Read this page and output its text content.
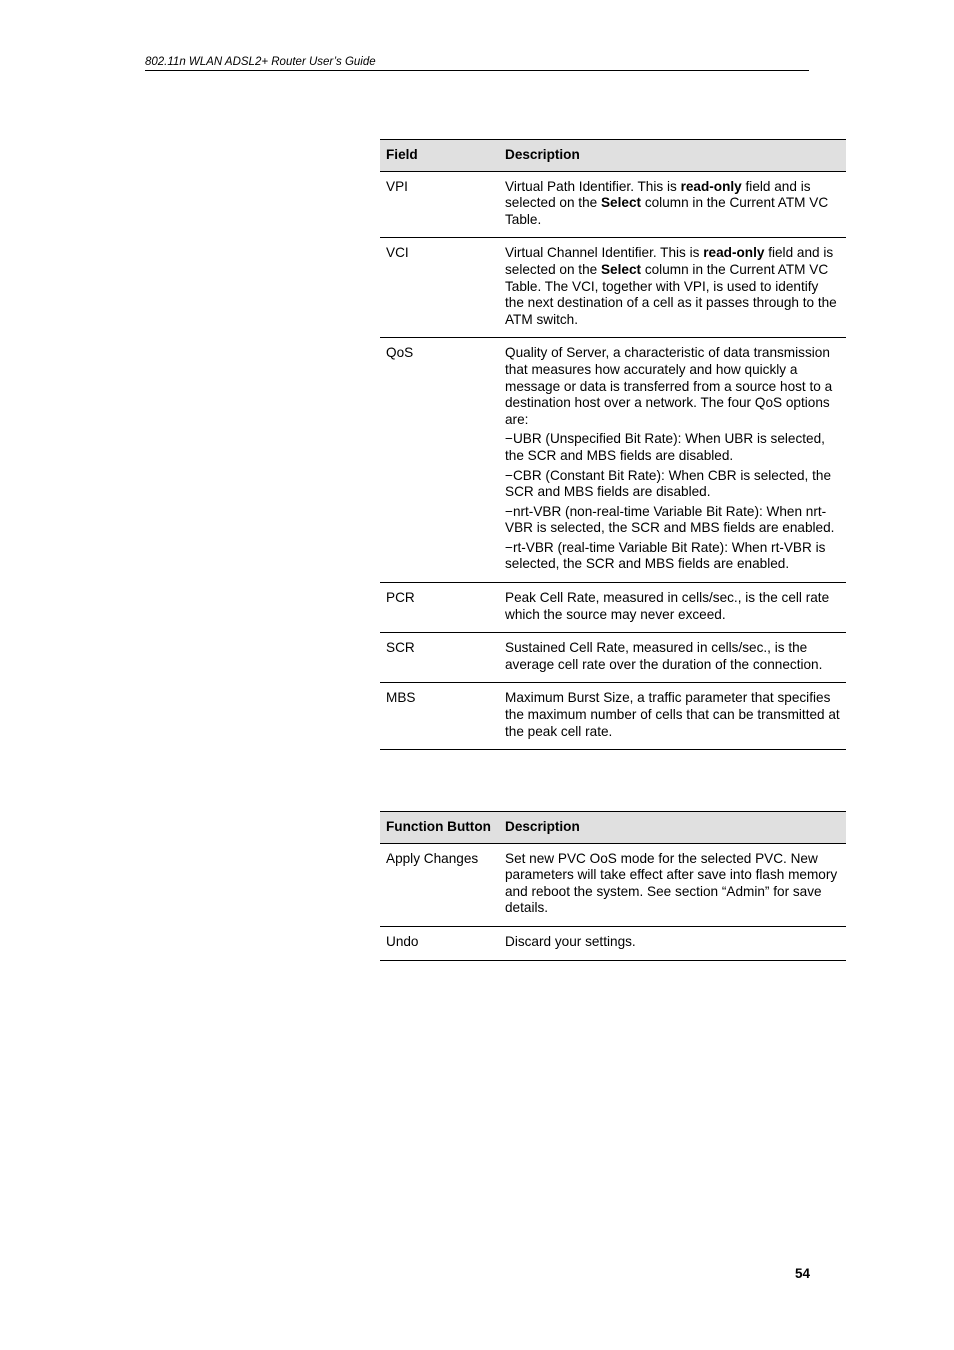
802.11n WLAN ADSL2+ Router User’s Guide
Field	Description
VPI	Virtual Path Identifier. This is read-only field and is selected on the Select column in the Current ATM VC Table.

VCI	Virtual Channel Identifier. This is read-only field and is selected on the Select column in the Current ATM VC Table. The VCI, together with VPI, is used to identify the next destination of a cell as it passes through to the ATM switch.

QoS	Quality of Server, a characteristic of data transmission that measures how accurately and how quickly a message or data is transferred from a source host to a destination host over a network. The four QoS options are:
−UBR (Unspecified Bit Rate): When UBR is selected, the SCR and MBS fields are disabled.
−CBR (Constant Bit Rate): When CBR is selected, the SCR and MBS fields are disabled.
−nrt-VBR (non-real-time Variable Bit Rate): When nrt-VBR is selected, the SCR and MBS fields are enabled.
−rt-VBR (real-time Variable Bit Rate): When rt-VBR is selected, the SCR and MBS fields are enabled.

PCR	Peak Cell Rate, measured in cells/sec., is the cell rate which the source may never exceed.

SCR	Sustained Cell Rate, measured in cells/sec., is the average cell rate over the duration of the connection.

MBS	Maximum Burst Size, a traffic parameter that specifies the maximum number of cells that can be transmitted at the peak cell rate.
Function Button	Description
Apply Changes	Set new PVC OoS mode for the selected PVC. New parameters will take effect after save into flash memory and reboot the system. See section “Admin” for save details.

Undo	Discard your settings.
54
